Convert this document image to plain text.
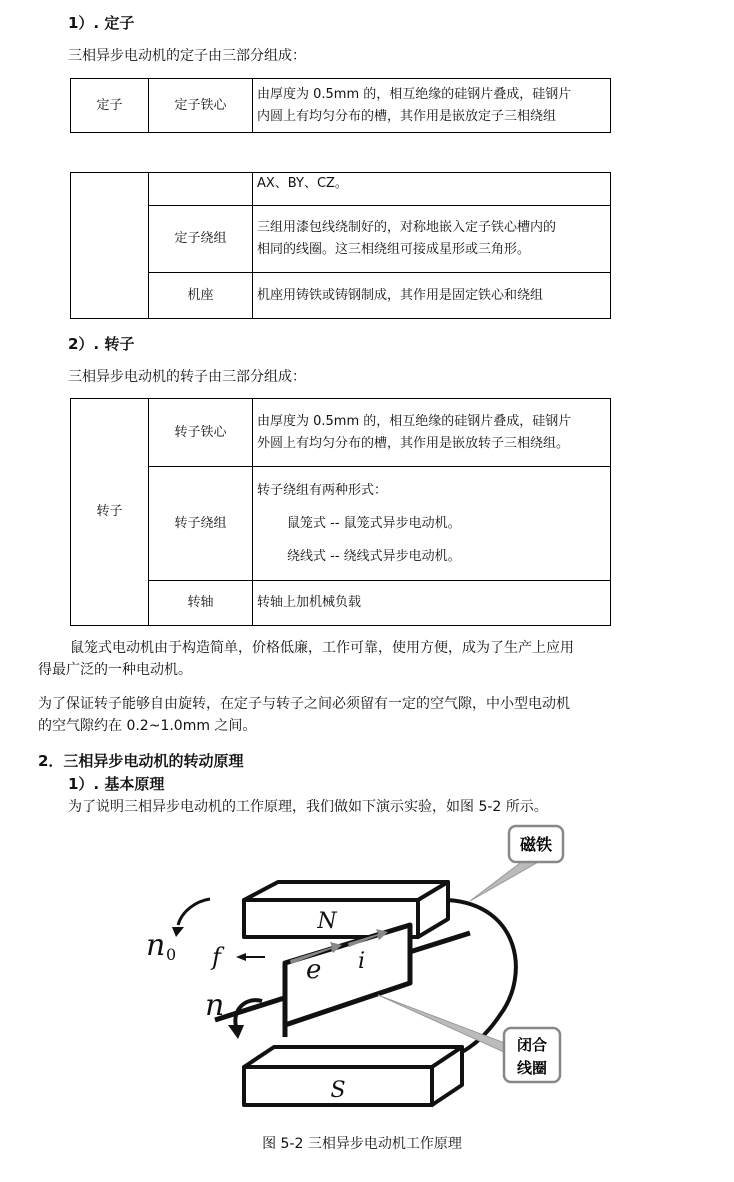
1）. 定子
三相异步电动机的定子由三部分组成：
定子	定子铁心	由厚度为 0.5mm 的，相互绝缘的硅钢片叠成，硅钢片
内圆上有均匀分布的槽，其作用是嵌放定子三相绕组
		AX、BY、CZ。
	定子绕组	三组用漆包线绕制好的，对称地嵌入定子铁心槽内的
相同的线圈。这三相绕组可接成星形或三角形。
	机座	机座用铸铁或铸钢制成，其作用是固定铁心和绕组
2）. 转子
三相异步电动机的转子由三部分组成：
转子	转子铁心	由厚度为 0.5mm 的，相互绝缘的硅钢片叠成，硅钢片
外圆上有均匀分布的槽，其作用是嵌放转子三相绕组。
	转子绕组	转子绕组有两种形式：
鼠笼式 -- 鼠笼式异步电动机。
绕线式 -- 绕线式异步电动机。
	转轴	转轴上加机械负载
鼠笼式电动机由于构造简单，价格低廉，工作可靠，使用方便，成为了生产上应用
得最广泛的一种电动机。
为了保证转子能够自由旋转，在定子与转子之间必须留有一定的空气隙，中小型电动机
的空气隙约在 0.2~1.0mm 之间。
2．三相异步电动机的转动原理
1）. 基本原理
为了说明三相异步电动机的工作原理，我们做如下演示实验，如图 5-2 所示。
磁铁
N
e i
f
n 0
n
S
闭合
线圈
图 5-2 三相异步电动机工作原理
